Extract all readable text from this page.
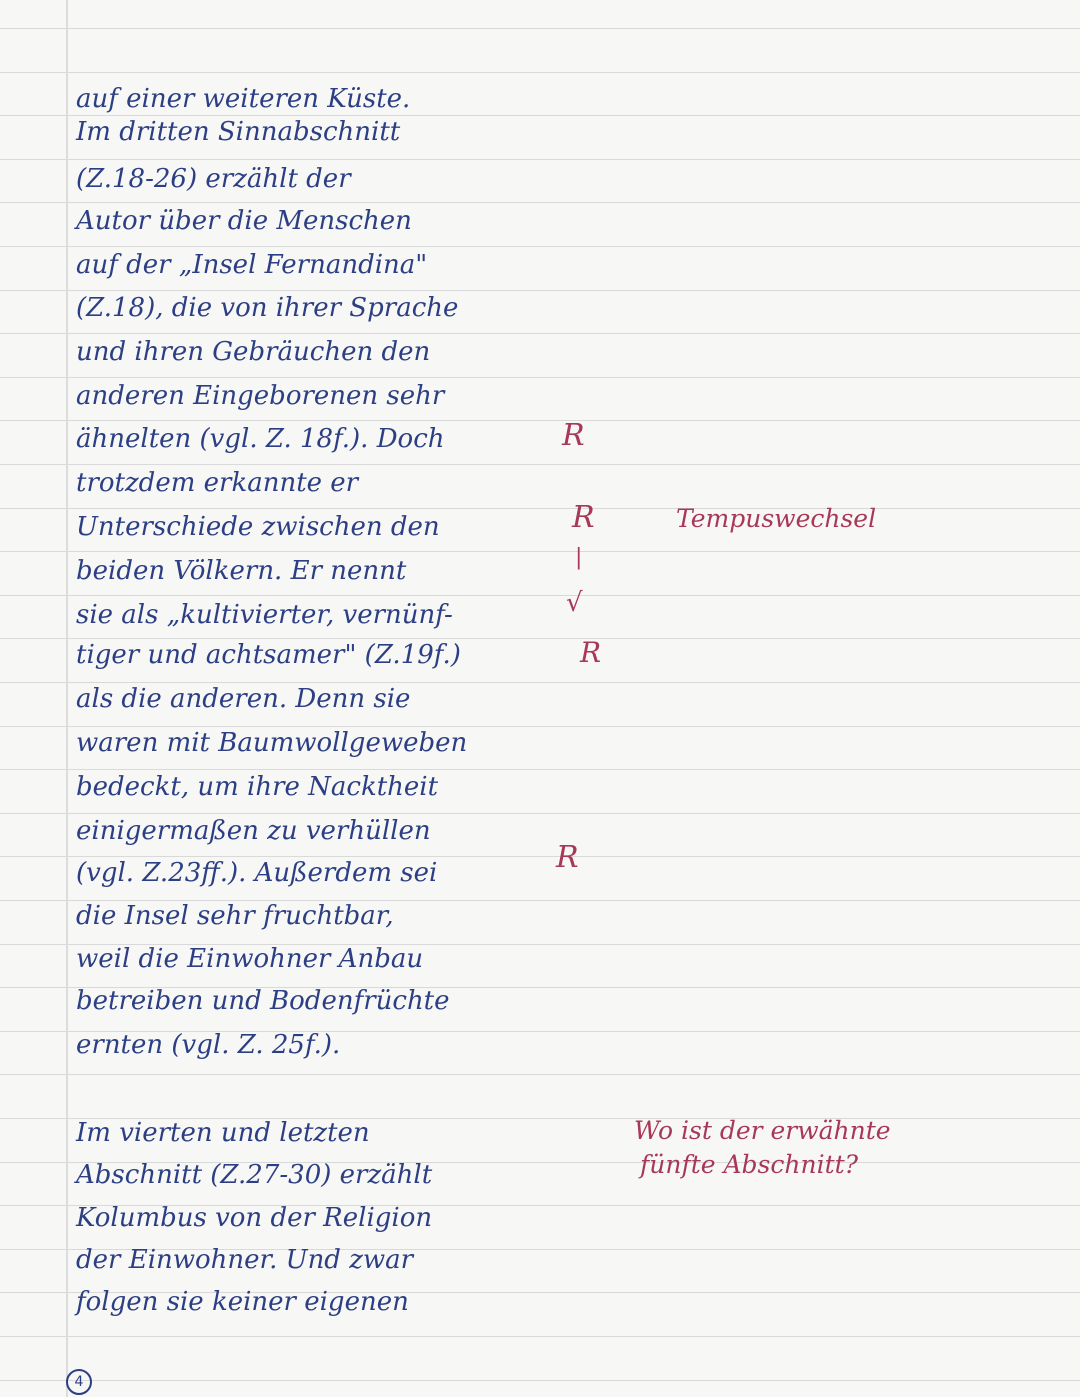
auf einer weiteren Küste.
Im dritten Sinnabschnitt
(Z.18-26) erzählt der
Autor über die Menschen
auf der „Insel Fernandina"
(Z.18), die von ihrer Sprache
und ihren Gebräuchen den
anderen Eingeborenen sehr
ähnelten (vgl. Z. 18f.). Doch
trotzdem erkannte er
Unterschiede zwischen den
beiden Völkern. Er nennt
sie als „kultivierter, vernünf-
tiger und achtsamer" (Z.19f.)
als die anderen. Denn sie
waren mit Baumwollgeweben
bedeckt, um ihre Nacktheit
einigermaßen zu verhüllen
(vgl. Z.23ff.). Außerdem sei
die Insel sehr fruchtbar,
weil die Einwohner Anbau
betreiben und Bodenfrüchte
ernten (vgl. Z. 25f.).
Im vierten und letzten
Abschnitt (Z.27-30) erzählt
Kolumbus von der Religion
der Einwohner. Und zwar
folgen sie keiner eigenen
R
R
|
√
R
R
Tempuswechsel
Wo ist der erwähnte
fünfte Abschnitt?
4
